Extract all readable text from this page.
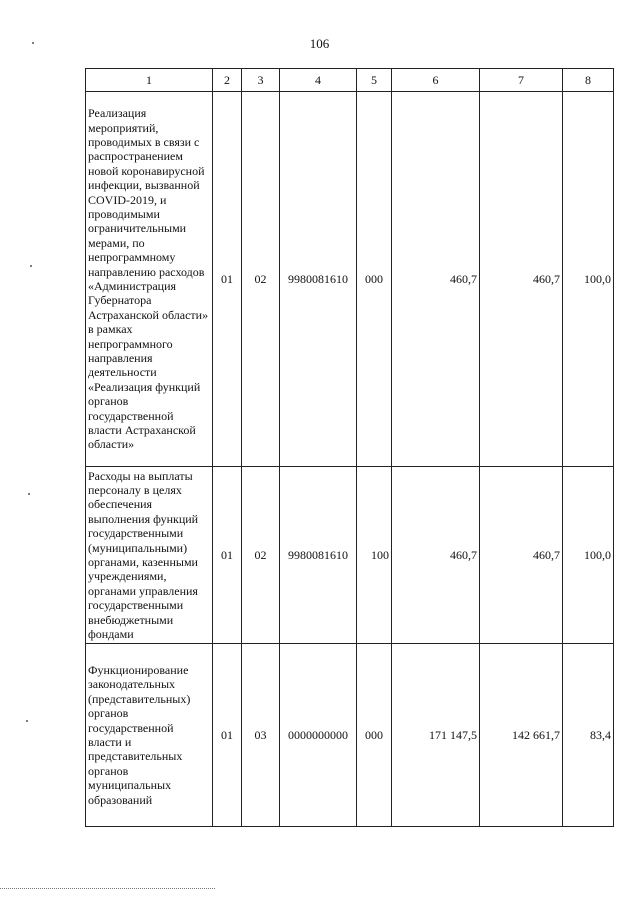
106
1	2	3	4	5	6	7	8
Реализация мероприятий, проводимых в связи с распространением новой коронавирусной инфекции, вызванной COVID-2019, и проводимыми ограничительными мерами, по непрограммному направлению расходов «Администрация Губернатора Астраханской области» в рамках непрограммного направления деятельности «Реализация функций органов государственной власти Астраханской области»	01	02	9980081610	000	460,7	460,7	100,0
Расходы на выплаты персоналу в целях обеспечения выполнения функций государственными (муниципальными) органами, казенными учреждениями, органами управления государственными внебюджетными фондами	01	02	9980081610	100	460,7	460,7	100,0
Функционирование законодательных (представительных) органов государственной власти и представительных органов муниципальных образований	01	03	0000000000	000	171 147,5	142 661,7	83,4
